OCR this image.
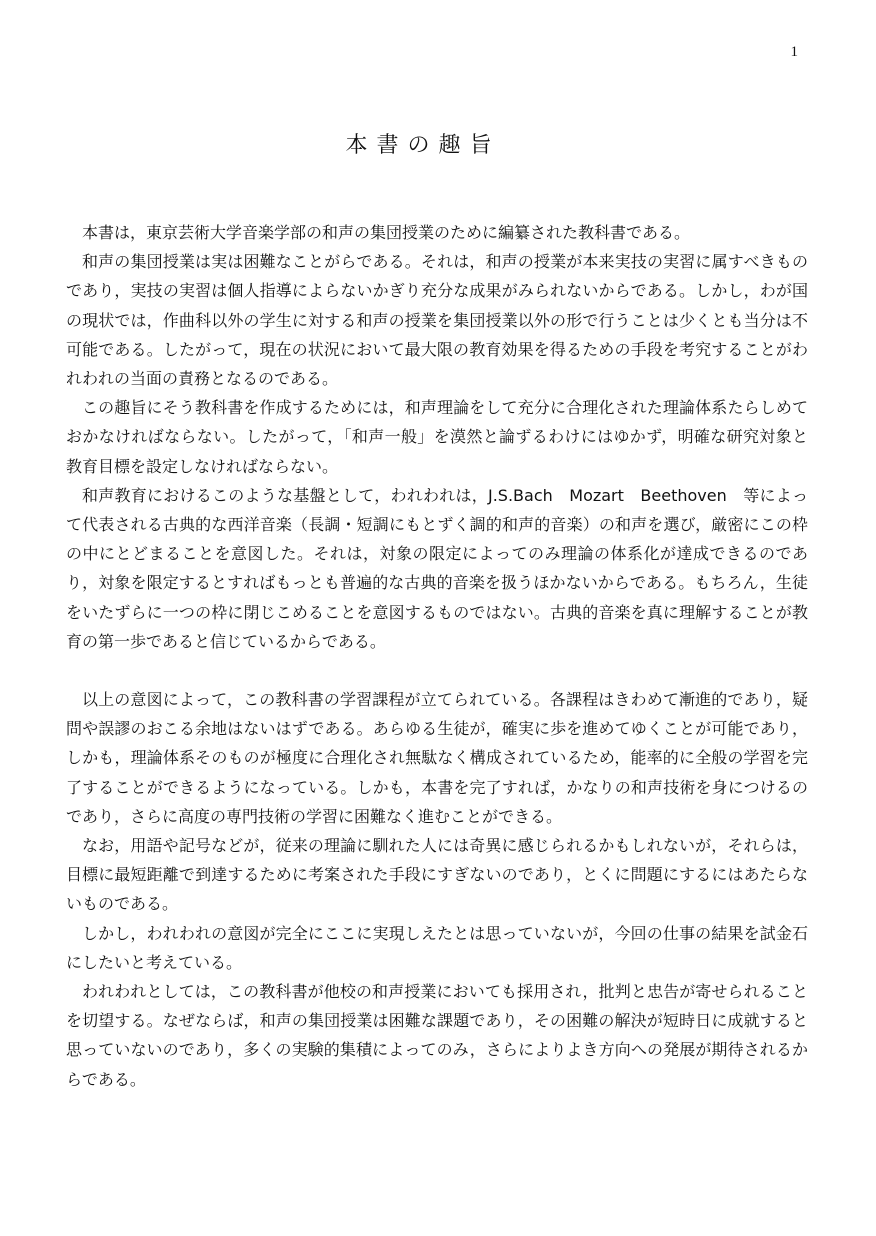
1
本書の趣旨

本書は，東京芸術大学音楽学部の和声の集団授業のために編纂された教科書である。

和声の集団授業は実は困難なことがらである。それは，和声の授業が本来実技の実習に属すべきものであり，実技の実習は個人指導によらないかぎり充分な成果がみられないからである。しかし，わが国の現状では，作曲科以外の学生に対する和声の授業を集団授業以外の形で行うことは少くとも当分は不可能である。したがって，現在の状況において最大限の教育効果を得るための手段を考究することがわれわれの当面の責務となるのである。

この趣旨にそう教科書を作成するためには，和声理論をして充分に合理化された理論体系たらしめておかなければならない。したがって，「和声一般」を漠然と論ずるわけにはゆかず，明確な研究対象と教育目標を設定しなければならない。

和声教育におけるこのような基盤として，われわれは，J.S.Bach　Mozart　Beethoven　等によって代表される古典的な西洋音楽（長調・短調にもとずく調的和声的音楽）の和声を選び，厳密にこの枠の中にとどまることを意図した。それは，対象の限定によってのみ理論の体系化が達成できるのであり，対象を限定するとすればもっとも普遍的な古典的音楽を扱うほかないからである。もちろん，生徒をいたずらに一つの枠に閉じこめることを意図するものではない。古典的音楽を真に理解することが教育の第一歩であると信じているからである。

以上の意図によって，この教科書の学習課程が立てられている。各課程はきわめて漸進的であり，疑問や誤謬のおこる余地はないはずである。あらゆる生徒が，確実に歩を進めてゆくことが可能であり，しかも，理論体系そのものが極度に合理化され無駄なく構成されているため，能率的に全般の学習を完了することができるようになっている。しかも，本書を完了すれば，かなりの和声技術を身につけるのであり，さらに高度の専門技術の学習に困難なく進むことができる。

なお，用語や記号などが，従来の理論に馴れた人には奇異に感じられるかもしれないが，それらは，目標に最短距離で到達するために考案された手段にすぎないのであり，とくに問題にするにはあたらないものである。

しかし，われわれの意図が完全にここに実現しえたとは思っていないが，今回の仕事の結果を試金石にしたいと考えている。

われわれとしては，この教科書が他校の和声授業においても採用され，批判と忠告が寄せられることを切望する。なぜならば，和声の集団授業は困難な課題であり，その困難の解決が短時日に成就すると思っていないのであり，多くの実験的集積によってのみ，さらによりよき方向への発展が期待されるからである。
